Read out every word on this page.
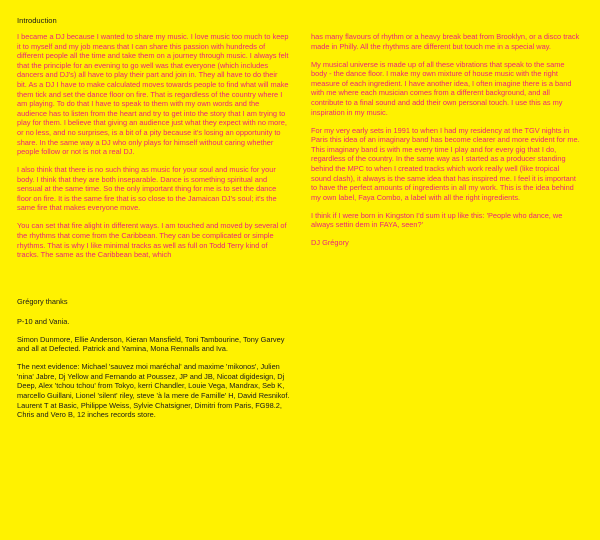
Introduction

I became a DJ because I wanted to share my music. I love music too much to keep it to myself and my job means that I can share this passion with hundreds of different people all the time and take them on a journey through music. I always felt that the principle for an evening to go well was that everyone (which includes dancers and DJ's) all have to play their part and join in. They all have to do their bit. As a DJ I have to make calculated moves towards people to find what will make them tick and set the dance floor on fire. That is regardless of the country where I am playing. To do that I have to speak to them with my own words and the audience has to listen from the heart and try to get into the story that I am trying to play for them. I believe that giving an audience just what they expect with no more, or no less, and no surprises, is a bit of a pity because it's losing an opportunity to share. In the same way a DJ who only plays for himself without caring whether people follow or not is not a real DJ.

I also think that there is no such thing as music for your soul and music for your body. I think that they are both inseparable. Dance is something spiritual and sensual at the same time. So the only important thing for me is to set the dance floor on fire. It is the same fire that is so close to the Jamaican DJ's soul; it's the same fire that makes everyone move.

You can set that fire alight in different ways. I am touched and moved by several of the rhythms that come from the Caribbean. They can be complicated or simple rhythms. That is why I like minimal tracks as well as full on Todd Terry kind of tracks. The same as the Caribbean beat, which

has many flavours of rhythm or a heavy break beat from Brooklyn, or a disco track made in Philly. All the rhythms are different but touch me in a special way.

My musical universe is made up of all these vibrations that speak to the same body - the dance floor. I make my own mixture of house music with the right measure of each ingredient. I have another idea, I often imagine there is a band with me where each musician comes from a different background, and all contribute to a final sound and add their own personal touch. I use this as my inspiration in my music.

For my very early sets in 1991 to when I had my residency at the TGV nights in Paris this idea of an imaginary band has become clearer and more evident for me. This imaginary band is with me every time I play and for every gig that I do, regardless of the country. In the same way as I started as a producer standing behind the MPC to when I created tracks which work really well (like tropical sound clash), it always is the same idea that has inspired me. I feel it is important to have the perfect amounts of ingredients in all my work. This is the idea behind my own label, Faya Combo, a label with all the right ingredients.

I think if I were born in Kingston I'd sum it up like this: 'People who dance, we always settin dem in FAYA, seen?'

DJ Grégory

Grégory thanks

P-10 and Vania.

Simon Dunmore, Ellie Anderson, Kieran Mansfield, Toni Tambourine, Tony Garvey and all at Defected. Patrick and Yamina, Mona Rennalls and Iva.

The next evidence: Michael 'sauvez moi maréchal' and maxime 'mikonos', Julien 'nina' Jabre, Dj Yellow and Fernando at Poussez, JP and JB, Nicoat digidesign, Dj Deep, Alex 'tchou tchou' from Tokyo, kerri Chandler, Louie Vega, Mandrax, Seb K, marcello Guillani, Lionel 'silent' riley, steve 'à la mere de Famille' H, David Resnikof. Laurent T at Basic, Philippe Weiss, Sylvie Chatsigner, Dimitri from Paris, FG98.2, Chris and Vero B, 12 inches records store.
